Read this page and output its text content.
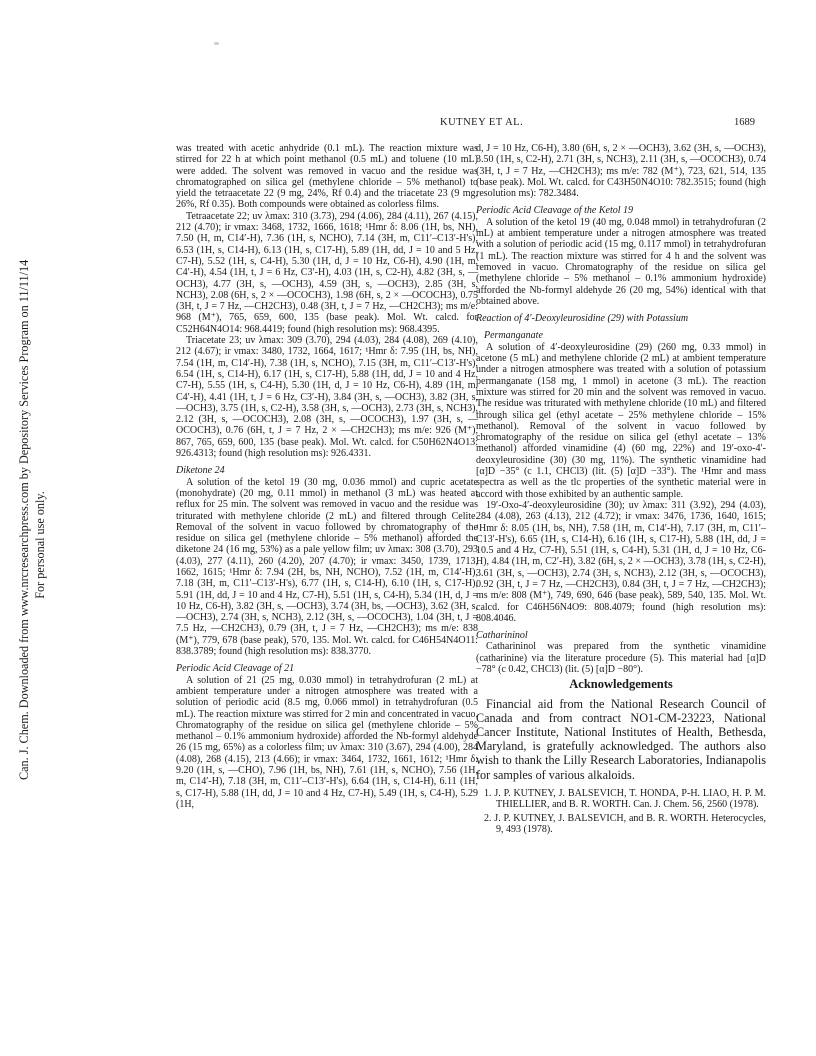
KUTNEY ET AL.	1689
Can. J. Chem. Downloaded from www.nrcresearchpress.com by Depository Services Program on 11/11/14 For personal use only.

was treated with acetic anhydride (0.1 mL). The reaction mixture was stirred for 22 h at which point methanol (0.5 mL) and toluene (10 mL) were added. The solvent was removed in vacuo and the residue was chromatographed on silica gel (methylene chloride – 5% methanol) to yield the tetraacetate 22 (9 mg, 24%, Rf 0.4) and the triacetate 23 (9 mg, 26%, Rf 0.35). Both compounds were obtained as colorless films.

Tetraacetate 22; uv λmax: 310 (3.73), 294 (4.06), 284 (4.11), 267 (4.15), 212 (4.70); ir νmax: 3468, 1732, 1666, 1618; ¹Hmr δ: 8.06 (1H, bs, NH), 7.50 (H, m, C14′-H), 7.36 (1H, s, NCHO), 7.14 (3H, m, C11′–C13′-H's), 6.53 (1H, s, C14-H), 6.13 (1H, s, C17-H), 5.89 (1H, dd, J = 10 and 5 Hz, C7-H), 5.52 (1H, s, C4-H), 5.30 (1H, d, J = 10 Hz, C6-H), 4.90 (1H, m, C4′-H), 4.54 (1H, t, J = 6 Hz, C3′-H), 4.03 (1H, s, C2-H), 4.82 (3H, s, —OCH3), 4.77 (3H, s, —OCH3), 4.59 (3H, s, —OCH3), 2.85 (3H, s, NCH3), 2.08 (6H, s, 2 × —OCOCH3), 1.98 (6H, s, 2 × —OCOCH3), 0.75 (3H, t, J = 7 Hz, —CH2CH3), 0.48 (3H, t, J = 7 Hz, —CH2CH3); ms m/e: 968 (M⁺), 765, 659, 600, 135 (base peak). Mol. Wt. calcd. for C52H64N4O14: 968.4419; found (high resolution ms): 968.4395.

Triacetate 23; uv λmax: 309 (3.70), 294 (4.03), 284 (4.08), 269 (4.10), 212 (4.67); ir νmax: 3480, 1732, 1664, 1617; ¹Hmr δ: 7.95 (1H, bs, NH), 7.54 (1H, m, C14′-H), 7.38 (1H, s, NCHO), 7.15 (3H, m, C11′–C13′-H's), 6.54 (1H, s, C14-H), 6.17 (1H, s, C17-H), 5.88 (1H, dd, J = 10 and 4 Hz, C7-H), 5.55 (1H, s, C4-H), 5.30 (1H, d, J = 10 Hz, C6-H), 4.89 (1H, m, C4′-H), 4.41 (1H, t, J = 6 Hz, C3′-H), 3.84 (3H, s, —OCH3), 3.82 (3H, s, —OCH3), 3.75 (1H, s, C2-H), 3.58 (3H, s, —OCH3), 2.73 (3H, s, NCH3), 2.12 (3H, s, —OCOCH3), 2.08 (3H, s, —OCOCH3), 1.97 (3H, s, —OCOCH3), 0.76 (6H, t, J = 7 Hz, 2 × —CH2CH3); ms m/e: 926 (M⁺), 867, 765, 659, 600, 135 (base peak). Mol. Wt. calcd. for C50H62N4O13: 926.4313; found (high resolution ms): 926.4331.

Diketone 24

A solution of the ketol 19 (30 mg, 0.036 mmol) and cupric acetate (monohydrate) (20 mg, 0.11 mmol) in methanol (3 mL) was heated at reflux for 25 min. The solvent was removed in vacuo and the residue was triturated with methylene chloride (2 mL) and filtered through Celite. Removal of the solvent in vacuo followed by chromatography of the residue on silica gel (methylene chloride – 5% methanol) afforded the diketone 24 (16 mg, 53%) as a pale yellow film; uv λmax: 308 (3.70), 293 (4.03), 277 (4.11), 260 (4.20), 207 (4.70); ir νmax: 3450, 1739, 1713, 1662, 1615; ¹Hmr δ: 7.94 (2H, bs, NH, NCHO), 7.52 (1H, m, C14′-H), 7.18 (3H, m, C11′–C13′-H's), 6.77 (1H, s, C14-H), 6.10 (1H, s, C17-H), 5.91 (1H, dd, J = 10 and 4 Hz, C7-H), 5.51 (1H, s, C4-H), 5.34 (1H, d, J = 10 Hz, C6-H), 3.82 (3H, s, —OCH3), 3.74 (3H, bs, —OCH3), 3.62 (3H, s, —OCH3), 2.74 (3H, s, NCH3), 2.12 (3H, s, —OCOCH3), 1.04 (3H, t, J = 7.5 Hz, —CH2CH3), 0.79 (3H, t, J = 7 Hz, —CH2CH3); ms m/e: 838 (M⁺), 779, 678 (base peak), 570, 135. Mol. Wt. calcd. for C46H54N4O11: 838.3789; found (high resolution ms): 838.3770.

Periodic Acid Cleavage of 21

A solution of 21 (25 mg, 0.030 mmol) in tetrahydrofuran (2 mL) at ambient temperature under a nitrogen atmosphere was treated with a solution of periodic acid (8.5 mg, 0.066 mmol) in tetrahydrofuran (0.5 mL). The reaction mixture was stirred for 2 min and concentrated in vacuo. Chromatography of the residue on silica gel (methylene chloride – 5% methanol – 0.1% ammonium hydroxide) afforded the Nb-formyl aldehyde 26 (15 mg, 65%) as a colorless film; uv λmax: 310 (3.67), 294 (4.00), 284 (4.08), 268 (4.15), 213 (4.66); ir νmax: 3464, 1732, 1661, 1612; ¹Hmr δ: 9.20 (1H, s, —CHO), 7.96 (1H, bs, NH), 7.61 (1H, s, NCHO), 7.56 (1H, m, C14′-H), 7.18 (3H, m, C11′–C13′-H's), 6.64 (1H, s, C14-H), 6.11 (1H, s, C17-H), 5.88 (1H, dd, J = 10 and 4 Hz, C7-H), 5.49 (1H, s, C4-H), 5.29 (1H,

d, J = 10 Hz, C6-H), 3.80 (6H, s, 2 × —OCH3), 3.62 (3H, s, —OCH3), 3.50 (1H, s, C2-H), 2.71 (3H, s, NCH3), 2.11 (3H, s, —OCOCH3), 0.74 (3H, t, J = 7 Hz, —CH2CH3); ms m/e: 782 (M⁺), 723, 621, 514, 135 (base peak). Mol. Wt. calcd. for C43H50N4O10: 782.3515; found (high resolution ms): 782.3484.

Periodic Acid Cleavage of the Ketol 19

A solution of the ketol 19 (40 mg, 0.048 mmol) in tetrahydrofuran (2 mL) at ambient temperature under a nitrogen atmosphere was treated with a solution of periodic acid (15 mg, 0.117 mmol) in tetrahydrofuran (1 mL). The reaction mixture was stirred for 4 h and the solvent was removed in vacuo. Chromatography of the residue on silica gel (methylene chloride – 5% methanol – 0.1% ammonium hydroxide) afforded the Nb-formyl aldehyde 26 (20 mg, 54%) identical with that obtained above.

Reaction of 4′-Deoxyleurosidine (29) with Potassium
Permanganate

A solution of 4′-deoxyleurosidine (29) (260 mg, 0.33 mmol) in acetone (5 mL) and methylene chloride (2 mL) at ambient temperature under a nitrogen atmosphere was treated with a solution of potassium permanganate (158 mg, 1 mmol) in acetone (3 mL). The reaction mixture was stirred for 20 min and the solvent was removed in vacuo. The residue was triturated with methylene chloride (10 mL) and filtered through silica gel (ethyl acetate – 25% methylene chloride – 15% methanol). Removal of the solvent in vacuo followed by chromatography of the residue on silica gel (ethyl acetate – 13% methanol) afforded vinamidine (4) (60 mg, 22%) and 19′-oxo-4′-deoxyleurosidine (30) (30 mg, 11%). The synthetic vinamidine had [α]D −35° (c 1.1, CHCl3) (lit. (5) [α]D −33°). The ¹Hmr and mass spectra as well as the tlc properties of the synthetic material were in accord with those exhibited by an authentic sample.

19′-Oxo-4′-deoxyleurosidine (30); uv λmax: 311 (3.92), 294 (4.03), 284 (4.08), 263 (4.13), 212 (4.72); ir νmax: 3476, 1736, 1640, 1615; ¹Hmr δ: 8.05 (1H, bs, NH), 7.58 (1H, m, C14′-H), 7.17 (3H, m, C11′–C13′-H's), 6.65 (1H, s, C14-H), 6.16 (1H, s, C17-H), 5.88 (1H, dd, J = 10.5 and 4 Hz, C7-H), 5.51 (1H, s, C4-H), 5.31 (1H, d, J = 10 Hz, C6-H), 4.84 (1H, m, C2′-H), 3.82 (6H, s, 2 × —OCH3), 3.78 (1H, s, C2-H), 3.61 (3H, s, —OCH3), 2.74 (3H, s, NCH3), 2.12 (3H, s, —OCOCH3), 0.92 (3H, t, J = 7 Hz, —CH2CH3), 0.84 (3H, t, J = 7 Hz, —CH2CH3); ms m/e: 808 (M⁺), 749, 690, 646 (base peak), 589, 540, 135. Mol. Wt. calcd. for C46H56N4O9: 808.4079; found (high resolution ms): 808.4046.

Catharininol

Catharininol was prepared from the synthetic vinamidine (catharinine) via the literature procedure (5). This material had [α]D −78° (c 0.42, CHCl3) (lit. (5) [α]D −80°).

Acknowledgements

Financial aid from the National Research Council of Canada and from contract NO1-CM-23223, National Cancer Institute, National Institutes of Health, Bethesda, Maryland, is gratefully acknowledged. The authors also wish to thank the Lilly Research Laboratories, Indianapolis for samples of various alkaloids.

1. J. P. KUTNEY, J. BALSEVICH, T. HONDA, P-H. LIAO, H. P. M. THIELLIER, and B. R. WORTH. Can. J. Chem. 56, 2560 (1978).
2. J. P. KUTNEY, J. BALSEVICH, and B. R. WORTH. Heterocycles, 9, 493 (1978).
